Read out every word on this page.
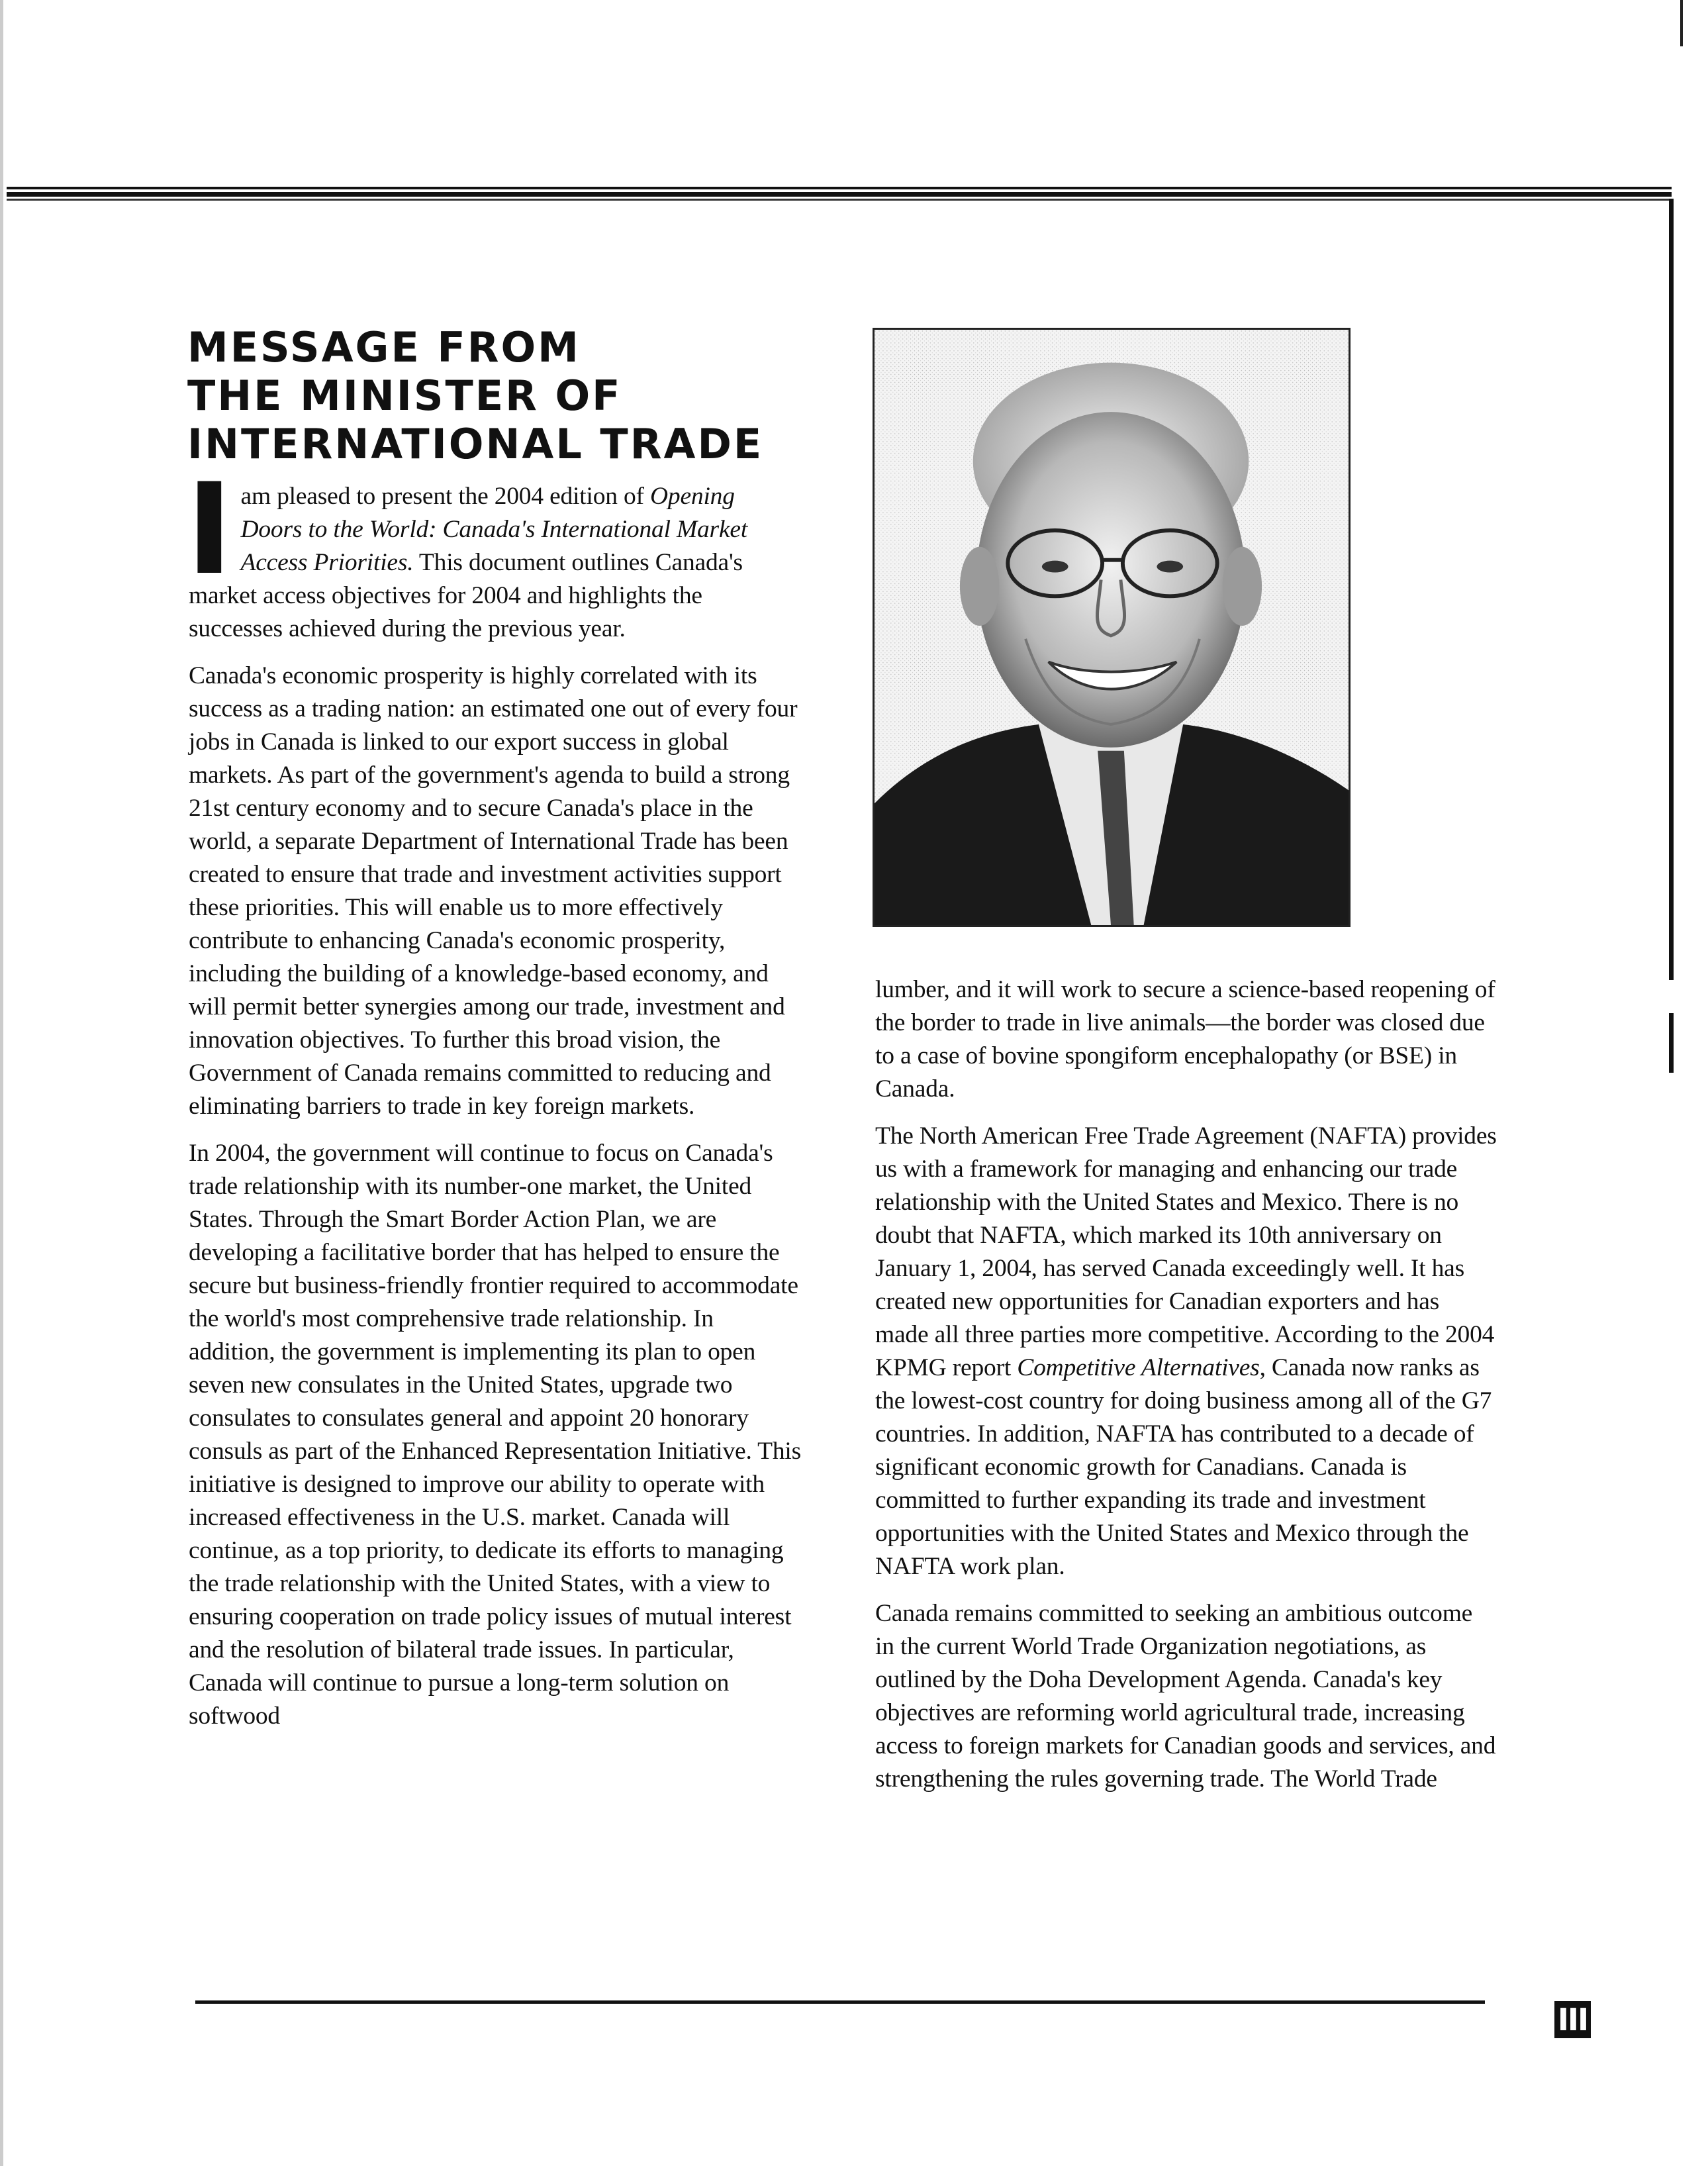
MESSAGE FROM
THE MINISTER OF
INTERNATIONAL TRADE

Iam pleased to present the 2004 edition of Opening Doors to the World: Canada's International Market Access Priorities. This document outlines Canada's market access objectives for 2004 and highlights the successes achieved during the previous year.

Canada's economic prosperity is highly correlated with its success as a trading nation: an estimated one out of every four jobs in Canada is linked to our export success in global markets. As part of the government's agenda to build a strong 21st century economy and to secure Canada's place in the world, a separate Department of International Trade has been created to ensure that trade and investment activities support these priorities. This will enable us to more effectively contribute to enhancing Canada's economic prosperity, including the building of a knowledge-based economy, and will permit better synergies among our trade, investment and innovation objectives. To further this broad vision, the Government of Canada remains committed to reducing and eliminating barriers to trade in key foreign markets.

In 2004, the government will continue to focus on Canada's trade relationship with its number-one market, the United States. Through the Smart Border Action Plan, we are developing a facilitative border that has helped to ensure the secure but business-friendly frontier required to accommodate the world's most comprehensive trade relationship. In addition, the government is implementing its plan to open seven new consulates in the United States, upgrade two consulates to consulates general and appoint 20 honorary consuls as part of the Enhanced Representation Initiative. This initiative is designed to improve our ability to operate with increased effectiveness in the U.S. market. Canada will continue, as a top priority, to dedicate its efforts to managing the trade relationship with the United States, with a view to ensuring cooperation on trade policy issues of mutual interest and the resolution of bilateral trade issues. In particular, Canada will continue to pursue a long-term solution on softwood

lumber, and it will work to secure a science-based reopening of the border to trade in live animals—the border was closed due to a case of bovine spongiform encephalopathy (or BSE) in Canada.

The North American Free Trade Agreement (NAFTA) provides us with a framework for managing and enhancing our trade relationship with the United States and Mexico. There is no doubt that NAFTA, which marked its 10th anniversary on January 1, 2004, has served Canada exceedingly well. It has created new opportunities for Canadian exporters and has made all three parties more competitive. According to the 2004 KPMG report Competitive Alternatives, Canada now ranks as the lowest-cost country for doing business among all of the G7 countries. In addition, NAFTA has contributed to a decade of significant economic growth for Canadians. Canada is committed to further expanding its trade and investment opportunities with the United States and Mexico through the NAFTA work plan.

Canada remains committed to seeking an ambitious outcome in the current World Trade Organization negotiations, as outlined by the Doha Development Agenda. Canada's key objectives are reforming world agricultural trade, increasing access to foreign markets for Canadian goods and services, and strengthening the rules governing trade. The World Trade

III
